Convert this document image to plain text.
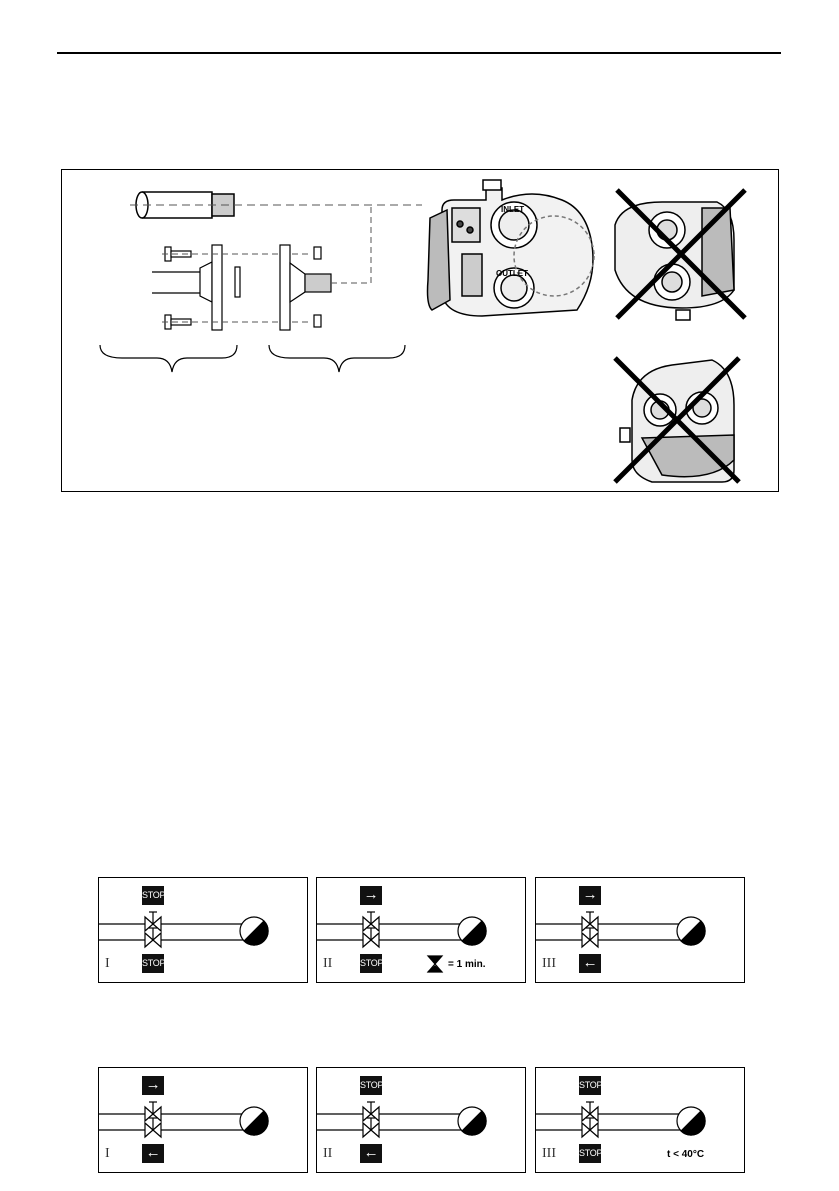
INLET
OUTLET
STOP
STOP
I
→
STOP
II	= 1 min.
→
←
III
→
←
I
STOP
←
II
STOP
STOP
III	t < 40°C
